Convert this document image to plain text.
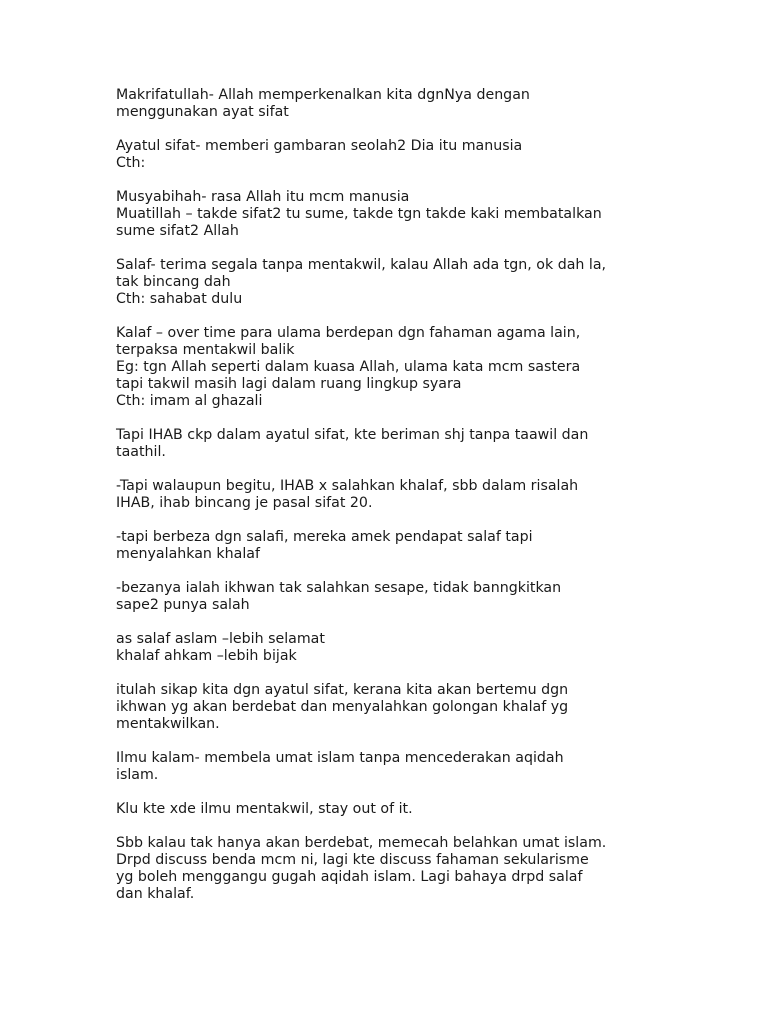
Makrifatullah- Allah memperkenalkan kita dgnNya dengan
menggunakan ayat sifat
Ayatul sifat- memberi gambaran seolah2 Dia itu manusia
Cth:
Musyabihah- rasa Allah itu mcm manusia
Muatillah – takde sifat2 tu sume, takde tgn takde kaki membatalkan
sume sifat2 Allah
Salaf- terima segala tanpa mentakwil, kalau Allah ada tgn, ok dah la,
tak bincang dah
Cth: sahabat dulu
Kalaf – over time para ulama berdepan dgn fahaman agama lain,
terpaksa mentakwil balik
Eg: tgn Allah seperti dalam kuasa Allah, ulama kata mcm sastera
tapi takwil masih lagi dalam ruang lingkup syara
Cth: imam al ghazali
Tapi IHAB ckp dalam ayatul sifat, kte beriman shj tanpa taawil dan
taathil.
-Tapi walaupun begitu, IHAB x salahkan khalaf, sbb dalam risalah
IHAB, ihab bincang je pasal sifat 20.
-tapi berbeza dgn salafi, mereka amek pendapat salaf tapi
menyalahkan khalaf
-bezanya ialah ikhwan tak salahkan sesape, tidak banngkitkan
sape2 punya salah
as salaf aslam –lebih selamat
khalaf ahkam –lebih bijak
itulah sikap kita dgn ayatul sifat, kerana kita akan bertemu dgn
ikhwan yg akan berdebat dan menyalahkan golongan khalaf yg
mentakwilkan.
Ilmu kalam- membela umat islam tanpa mencederakan aqidah
islam.
Klu kte xde ilmu mentakwil, stay out of it.
Sbb kalau tak hanya akan berdebat, memecah belahkan umat islam.
Drpd discuss benda mcm ni, lagi kte discuss fahaman sekularisme
yg boleh menggangu gugah aqidah islam. Lagi bahaya drpd salaf
dan khalaf.
